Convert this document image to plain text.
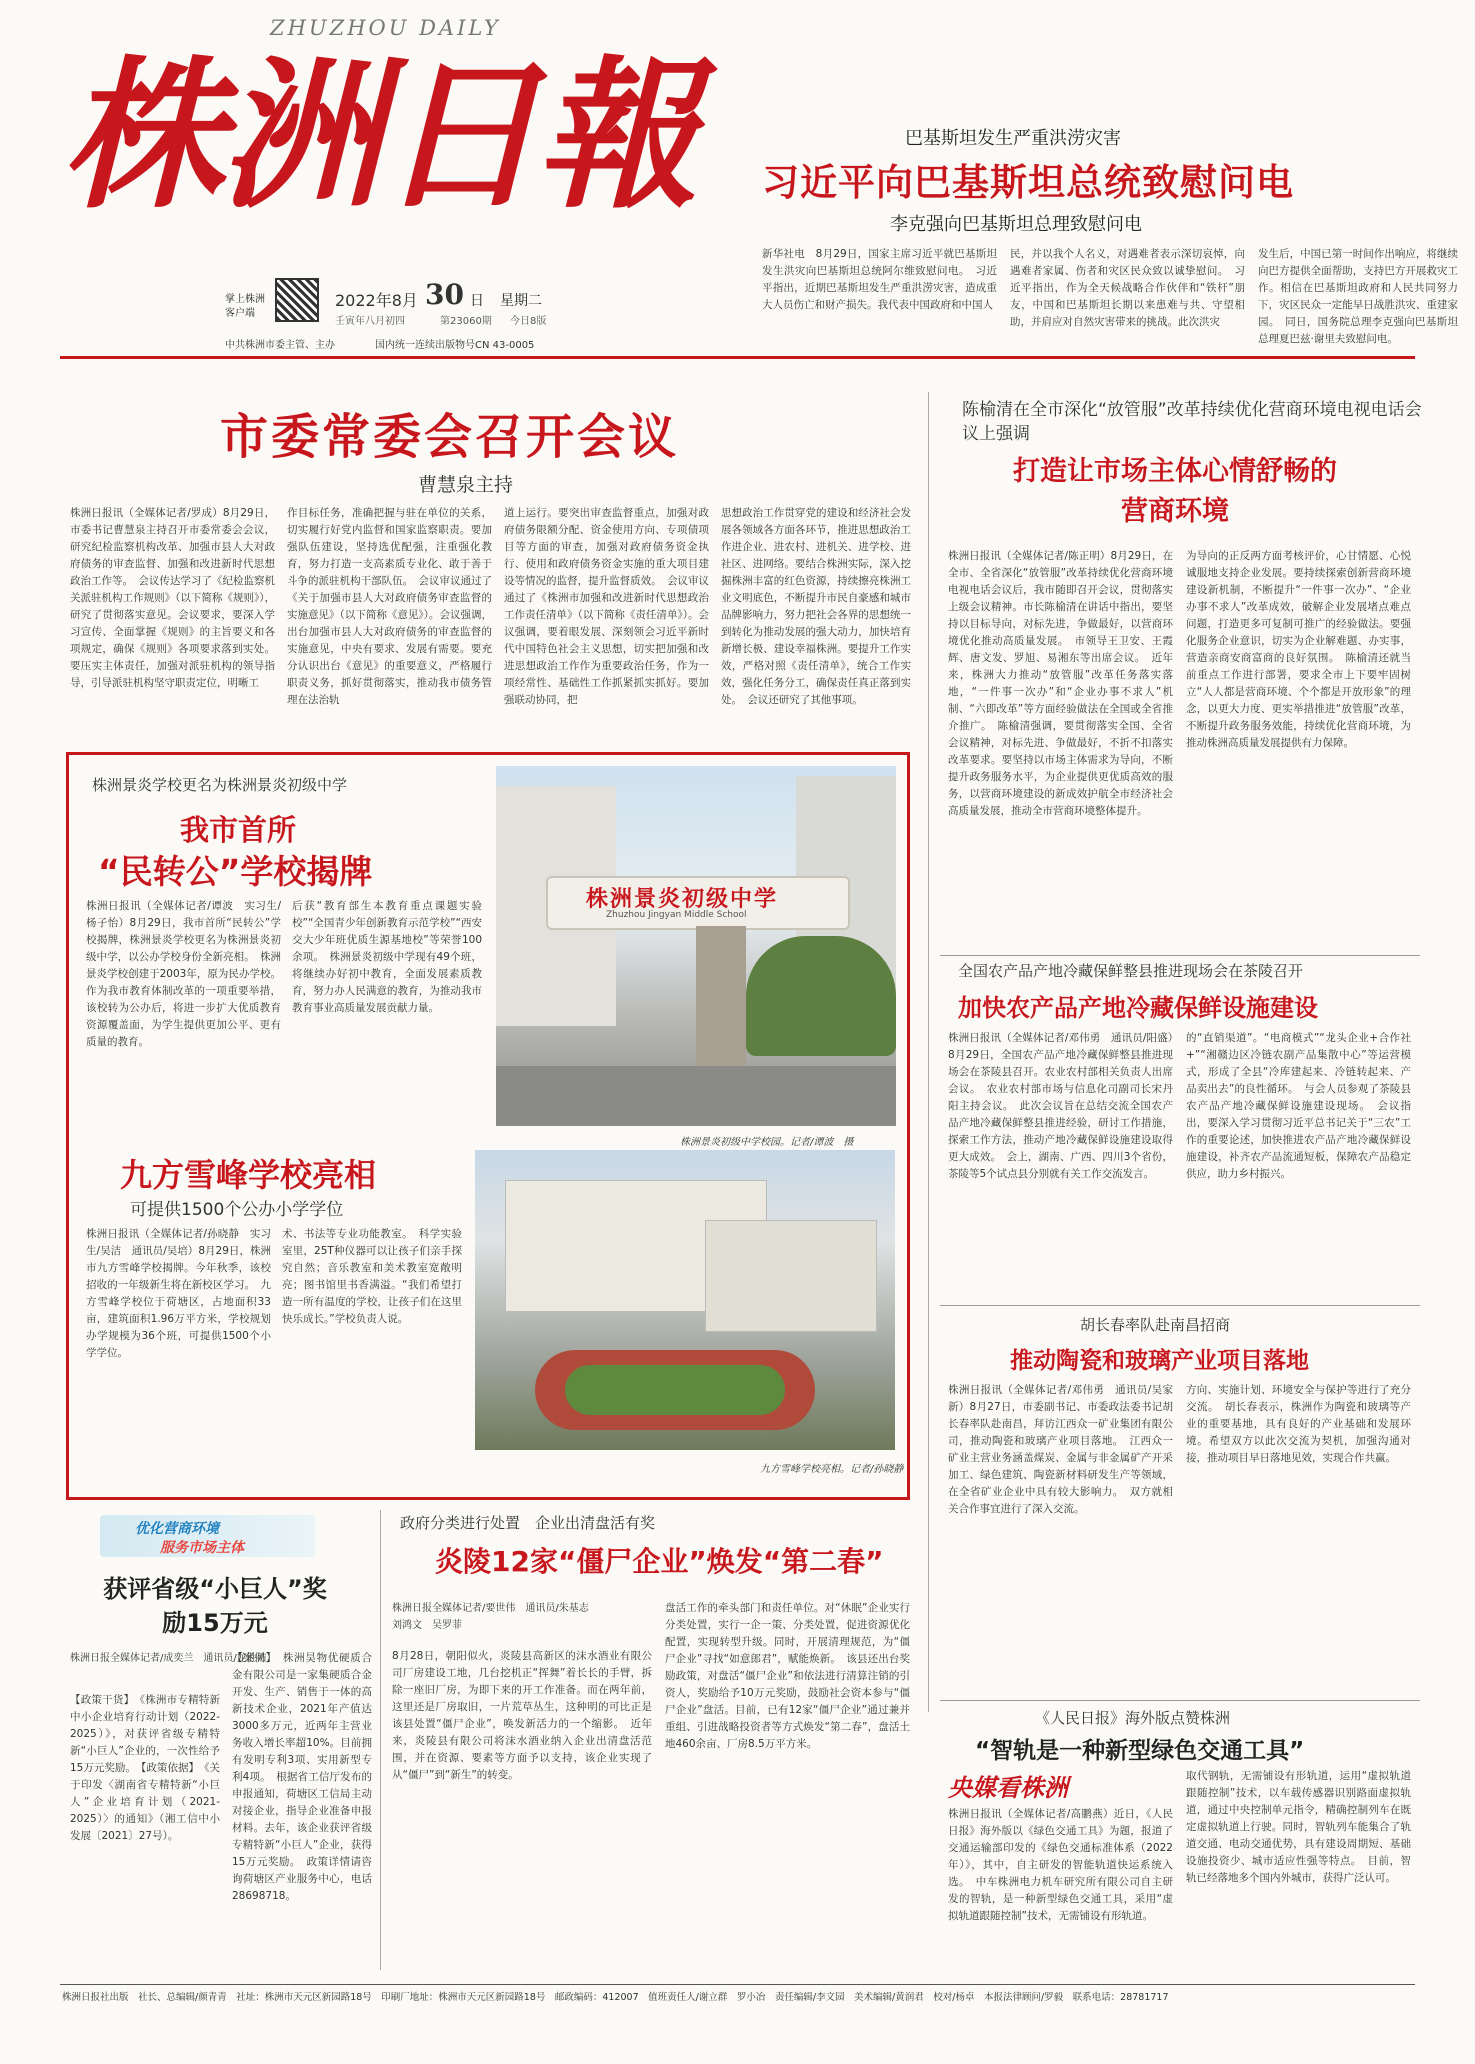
ZHUZHOU DAILY
株洲日報
掌上株洲
客户端
2022年8月 30 日 星期二
壬寅年八月初四	第23060期 今日8版
中共株洲市委主管、主办	国内统一连续出版物号CN 43-0005
巴基斯坦发生严重洪涝灾害
习近平向巴基斯坦总统致慰问电
李克强向巴基斯坦总理致慰问电
新华社电　8月29日，国家主席习近平就巴基斯坦发生洪灾向巴基斯坦总统阿尔维致慰问电。　习近平指出，近期巴基斯坦发生严重洪涝灾害，造成重大人员伤亡和财产损失。我代表中国政府和中国人
民，并以我个人名义，对遇难者表示深切哀悼，向遇难者家属、伤者和灾区民众致以诚挚慰问。　习近平指出，作为全天候战略合作伙伴和“铁杆”朋友，中国和巴基斯坦长期以来患难与共、守望相助，并肩应对自然灾害带来的挑战。此次洪灾
发生后，中国已第一时间作出响应，将继续向巴方提供全面帮助，支持巴方开展救灾工作。相信在巴基斯坦政府和人民共同努力下，灾区民众一定能早日战胜洪灾、重建家园。　同日，国务院总理李克强向巴基斯坦总理夏巴兹·谢里夫致慰问电。
市委常委会召开会议
曹慧泉主持
株洲日报讯（全媒体记者/罗成）8月29日，市委书记曹慧泉主持召开市委常委会会议，研究纪检监察机构改革、加强市县人大对政府债务的审查监督、加强和改进新时代思想政治工作等。　会议传达学习了《纪检监察机关派驻机构工作规则》（以下简称《规则》），研究了贯彻落实意见。会议要求，要深入学习宣传、全面掌握《规则》的主旨要义和各项规定，确保《规则》各项要求落到实处。要压实主体责任，加强对派驻机构的领导指导，引导派驻机构坚守职责定位，明晰工
作目标任务，准确把握与驻在单位的关系，切实履行好党内监督和国家监察职责。要加强队伍建设，坚持选优配强，注重强化教育，努力打造一支高素质专业化、敢于善于斗争的派驻机构干部队伍。　会议审议通过了《关于加强市县人大对政府债务审查监督的实施意见》（以下简称《意见》）。会议强调，出台加强市县人大对政府债务的审查监督的实施意见，中央有要求、发展有需要。要充分认识出台《意见》的重要意义，严格履行职责义务，抓好贯彻落实，推动我市债务管理在法治轨
道上运行。要突出审查监督重点，加强对政府债务限额分配、资金使用方向、专项债项目等方面的审查，加强对政府债务资金执行、使用和政府债务资金实施的重大项目建设等情况的监督，提升监督质效。　会议审议通过了《株洲市加强和改进新时代思想政治工作责任清单》（以下简称《责任清单》）。会议强调，要着眼发展、深刻领会习近平新时代中国特色社会主义思想，切实把加强和改进思想政治工作作为重要政治任务，作为一项经常性、基础性工作抓紧抓实抓好。要加强联动协同，把
思想政治工作贯穿党的建设和经济社会发展各领域各方面各环节，推进思想政治工作进企业、进农村、进机关、进学校、进社区、进网络。要结合株洲实际，深入挖掘株洲丰富的红色资源，持续擦亮株洲工业文明底色，不断提升市民自豪感和城市品牌影响力，努力把社会各界的思想统一到转化为推动发展的强大动力，加快培育新增长极、建设幸福株洲。要提升工作实效，严格对照《责任清单》，统合工作实效，强化任务分工，确保责任真正落到实处。　会议还研究了其他事项。
陈榆清在全市深化“放管服”改革持续优化营商环境电视电话会议上强调
打造让市场主体心情舒畅的营商环境
株洲日报讯（全媒体记者/陈正明）8月29日，在全市、全省深化“放管服”改革持续优化营商环境电视电话会议后，我市随即召开会议，贯彻落实上级会议精神。市长陈榆清在讲话中指出，要坚持以目标导向，对标先进，争做最好，以营商环境优化推动高质量发展。　市领导王卫安、王霞辉、唐文发、罗旭、易湘东等出席会议。　近年来，株洲大力推动“放管服”改革任务落实落地，“一件事一次办”和“企业办事不求人”机制、“六即改革”等方面经验做法在全国或全省推介推广。　陈榆清强调，要贯彻落实全国、全省会议精神，对标先进、争做最好，不折不扣落实改革要求。要坚持以市场主体需求为导向，不断提升政务服务水平，为企业提供更优质高效的服务，以营商环境建设的新成效护航全市经济社会高质量发展，推动全市营商环境整体提升。
为导向的正反两方面考核评价，心甘情愿、心悦诚服地支持企业发展。要持续探索创新营商环境建设新机制，不断提升“一件事一次办”、“企业办事不求人”改革成效，破解企业发展堵点难点问题，打造更多可复制可推广的经验做法。要强化服务企业意识，切实为企业解难题、办实事，营造亲商安商富商的良好氛围。　陈榆清还就当前重点工作进行部署，要求全市上下要牢固树立“人人都是营商环境、个个都是开放形象”的理念，以更大力度、更实举措推进“放管服”改革，不断提升政务服务效能，持续优化营商环境，为推动株洲高质量发展提供有力保障。
株洲景炎学校更名为株洲景炎初级中学
我市首所
“民转公”学校揭牌
株洲日报讯（全媒体记者/谭波　实习生/杨子怡）8月29日，我市首所“民转公”学校揭牌，株洲景炎学校更名为株洲景炎初级中学，以公办学校身份全新亮相。　株洲景炎学校创建于2003年，原为民办学校。作为我市教育体制改革的一项重要举措，该校转为公办后，将进一步扩大优质教育资源覆盖面，为学生提供更加公平、更有质量的教育。
后获“教育部生本教育重点课题实验校”“全国青少年创新教育示范学校”“西安交大少年班优质生源基地校”等荣誉100余项。　株洲景炎初级中学现有49个班，将继续办好初中教育，全面发展素质教育，努力办人民满意的教育，为推动我市教育事业高质量发展贡献力量。
株洲景炎初级中学
Zhuzhou Jingyan Middle School
株洲景炎初级中学校园。记者/谭波　摄
九方雪峰学校亮相
可提供1500个公办小学学位
株洲日报讯（全媒体记者/孙晓静　实习生/吴洁　通讯员/吴培）8月29日，株洲市九方雪峰学校揭牌。今年秋季，该校招收的一年级新生将在新校区学习。　九方雪峰学校位于荷塘区，占地面积33亩，建筑面积1.96万平方米，学校规划办学规模为36个班，可提供1500个小学学位。
术、书法等专业功能教室。　科学实验室里，25T种仪器可以让孩子们亲手探究自然；音乐教室和美术教室宽敞明亮；图书馆里书香满溢。“我们希望打造一所有温度的学校，让孩子们在这里快乐成长。”学校负责人说。
九方雪峰学校亮相。记者/孙晓静
全国农产品产地冷藏保鲜整县推进现场会在茶陵召开
加快农产品产地冷藏保鲜设施建设
株洲日报讯（全媒体记者/邓伟勇　通讯员/阳盛）8月29日，全国农产品产地冷藏保鲜整县推进现场会在茶陵县召开。农业农村部相关负责人出席会议。　农业农村部市场与信息化司副司长宋丹阳主持会议。　此次会议旨在总结交流全国农产品产地冷藏保鲜整县推进经验，研讨工作措施，探索工作方法，推动产地冷藏保鲜设施建设取得更大成效。　会上，湖南、广西、四川3个省份，茶陵等5个试点县分别就有关工作交流发言。
的“直销渠道”。“电商模式”“龙头企业+合作社+”“湘赣边区冷链农副产品集散中心”等运营模式，形成了全县“冷库建起来、冷链转起来、产品卖出去”的良性循环。　与会人员参观了茶陵县农产品产地冷藏保鲜设施建设现场。　会议指出，要深入学习贯彻习近平总书记关于“三农”工作的重要论述，加快推进农产品产地冷藏保鲜设施建设，补齐农产品流通短板，保障农产品稳定供应，助力乡村振兴。
胡长春率队赴南昌招商
推动陶瓷和玻璃产业项目落地
株洲日报讯（全媒体记者/邓伟勇　通讯员/吴家新）8月27日，市委副书记、市委政法委书记胡长春率队赴南昌，拜访江西众一矿业集团有限公司，推动陶瓷和玻璃产业项目落地。　江西众一矿业主营业务涵盖煤炭、金属与非金属矿产开采加工、绿色建筑、陶瓷新材料研发生产等领域，在全省矿业企业中具有较大影响力。　双方就相关合作事宜进行了深入交流。
方向、实施计划、环境安全与保护等进行了充分交流。　胡长春表示，株洲作为陶瓷和玻璃等产业的重要基地，具有良好的产业基础和发展环境。希望双方以此次交流为契机，加强沟通对接，推动项目早日落地见效，实现合作共赢。
优化营商环境
服务市场主体
获评省级“小巨人”奖励15万元
株洲日报全媒体记者/成奕兰　通讯员/龙胜洁
【政策干货】　《株洲市专精特新中小企业培育行动计划（2022-2025）》，对获评省级专精特新“小巨人”企业的，一次性给予15万元奖励。　【政策依据】　《关于印发〈湖南省专精特新“小巨人”企业培育计划（2021-2025）〉的通知》（湘工信中小发展〔2021〕27号）。
【案例】　株洲昊物优硬质合金有限公司是一家集硬质合金开发、生产、销售于一体的高新技术企业，2021年产值达3000多万元，近两年主营业务收入增长率超10%。目前拥有发明专利3项、实用新型专利4项。　根据省工信厅发布的申报通知，荷塘区工信局主动对接企业，指导企业准备申报材料。去年，该企业获评省级专精特新“小巨人”企业，获得15万元奖励。　政策详情请咨询荷塘区产业服务中心，电话28698718。
政府分类进行处置　企业出清盘活有奖
炎陵12家“僵尸企业”焕发“第二春”
株洲日报全媒体记者/要世伟　通讯员/朱基志　刘鸿文　吴罗菲
8月28日，朝阳似火，炎陵县高新区的沫水酒业有限公司厂房建设工地，几台挖机正“挥舞”着长长的手臂，拆除一座旧厂房，为即下来的开工作准备。而在两年前，这里还是厂房取旧，一片荒草丛生，这种明的可比正是该县处置“僵尸企业”，唤发新活力的一个缩影。　近年来，炎陵县有限公司将沫水酒业纳入企业出清盘活范围，并在资源、要素等方面予以支持，该企业实现了从“僵尸”到“新生”的转变。
盘活工作的牵头部门和责任单位。对“休眠”企业实行分类处置，实行一企一策、分类处置，促进资源优化配置，实现转型升级。同时，开展清理规范，为“僵尸企业”寻找“如意郎君”，赋能焕新。　该县还出台奖励政策，对盘活“僵尸企业”和依法进行清算注销的引资人，奖励给予10万元奖励，鼓励社会资本参与“僵尸企业”盘活。目前，已有12家“僵尸企业”通过兼并重组、引进战略投资者等方式焕发“第二春”，盘活土地460余亩、厂房8.5万平方米。
《人民日报》海外版点赞株洲
“智轨是一种新型绿色交通工具”
央媒看株洲
株洲日报讯（全媒体记者/高鹏燕）近日，《人民日报》海外版以《绿色交通工具》为题，报道了交通运输部印发的《绿色交通标准体系（2022年）》，其中，自主研发的智能轨道快运系统入选。　中车株洲电力机车研究所有限公司自主研发的智轨，是一种新型绿色交通工具，采用“虚拟轨道跟随控制”技术，无需铺设有形轨道。
取代钢轨，无需铺设有形轨道，运用“虚拟轨道跟随控制”技术，以车载传感器识别路面虚拟轨道，通过中央控制单元指令，精确控制列车在既定虚拟轨道上行驶。同时，智轨列车能集合了轨道交通、电动交通优势，具有建设周期短、基础设施投资少、城市适应性强等特点。　目前，智轨已经落地多个国内外城市，获得广泛认可。
株洲日报社出版　社长、总编辑/颜青青　社址：株洲市天元区新园路18号　印刷厂地址：株洲市天元区新园路18号　邮政编码：412007　值班责任人/谢立群　罗小冶　责任编辑/李文园　美术编辑/黄润君　校对/杨卓　本报法律顾问/罗毅　联系电话：28781717
